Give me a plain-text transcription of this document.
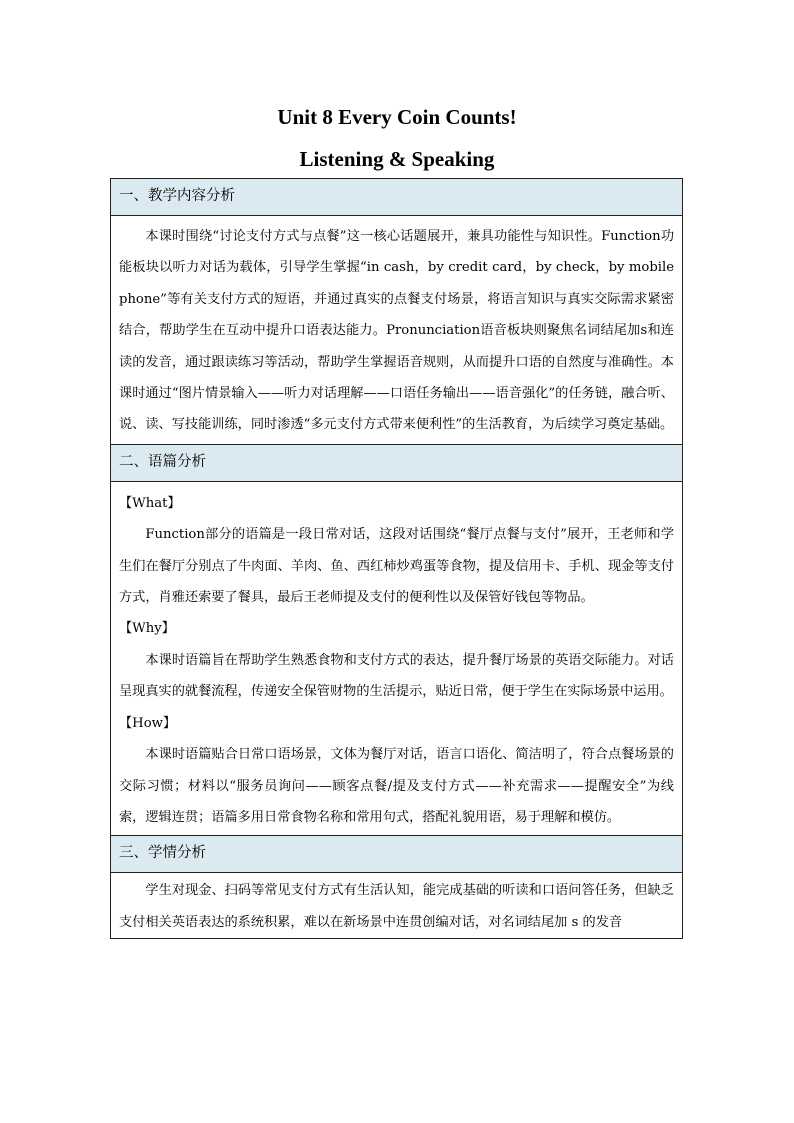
Unit 8 Every Coin Counts!
Listening & Speaking
一、教学内容分析

本课时围绕“讨论支付方式与点餐”这一核心话题展开，兼具功能性与知识性。Function功能板块以听力对话为载体，引导学生掌握“in cash，by credit card，by check，by mobile phone”等有关支付方式的短语，并通过真实的点餐支付场景，将语言知识与真实交际需求紧密结合，帮助学生在互动中提升口语表达能力。Pronunciation语音板块则聚焦名词结尾加s和连读的发音，通过跟读练习等活动，帮助学生掌握语音规则，从而提升口语的自然度与准确性。本课时通过“图片情景输入——听力对话理解——口语任务输出——语音强化”的任务链，融合听、说、读、写技能训练，同时渗透“多元支付方式带来便利性”的生活教育，为后续学习奠定基础。

二、语篇分析

【What】

Function部分的语篇是一段日常对话，这段对话围绕“餐厅点餐与支付”展开，王老师和学生们在餐厅分别点了牛肉面、羊肉、鱼、西红柿炒鸡蛋等食物，提及信用卡、手机、现金等支付方式，肖雅还索要了餐具，最后王老师提及支付的便利性以及保管好钱包等物品。

【Why】

本课时语篇旨在帮助学生熟悉食物和支付方式的表达，提升餐厅场景的英语交际能力。对话呈现真实的就餐流程，传递安全保管财物的生活提示，贴近日常，便于学生在实际场景中运用。

【How】

本课时语篇贴合日常口语场景，文体为餐厅对话，语言口语化、简洁明了，符合点餐场景的交际习惯；材料以“服务员询问——顾客点餐/提及支付方式——补充需求——提醒安全”为线索，逻辑连贯；语篇多用日常食物名称和常用句式，搭配礼貌用语，易于理解和模仿。

三、学情分析

学生对现金、扫码等常见支付方式有生活认知，能完成基础的听读和口语问答任务，但缺乏支付相关英语表达的系统积累，难以在新场景中连贯创编对话，对名词结尾加 s 的发音
